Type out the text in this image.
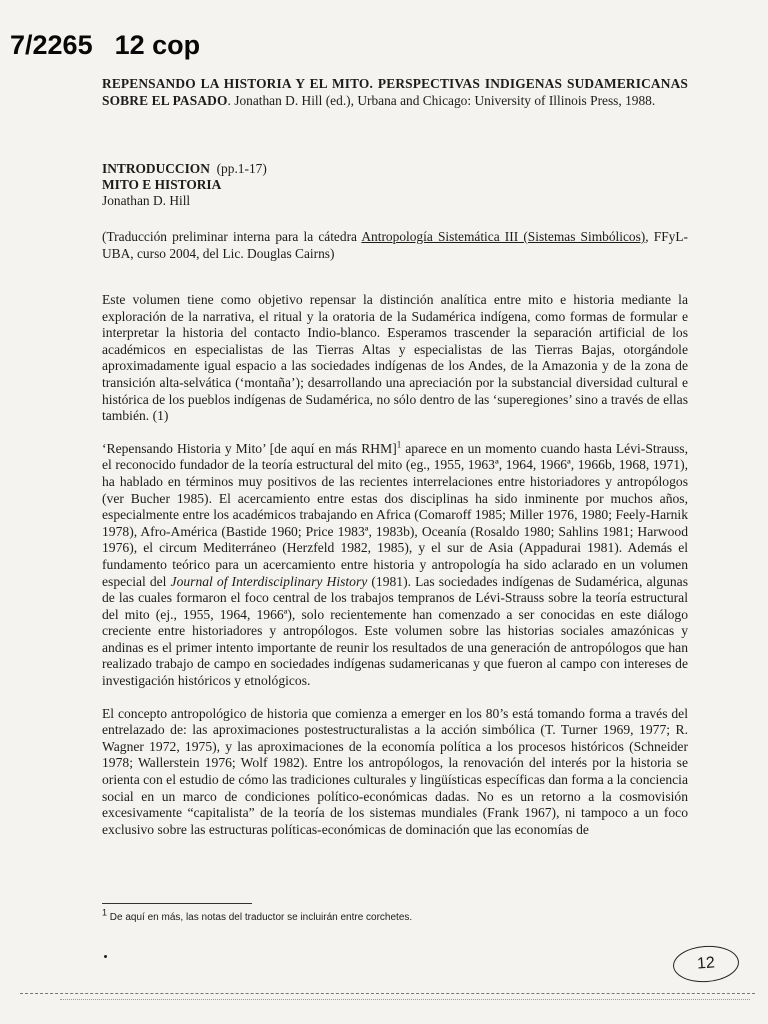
7/2265 12 cop
REPENSANDO LA HISTORIA Y EL MITO. PERSPECTIVAS INDIGENAS SUDAMERICANAS SOBRE EL PASADO. Jonathan D. Hill (ed.), Urbana and Chicago: University of Illinois Press, 1988.
INTRODUCCION (pp.1-17)
MITO E HISTORIA
Jonathan D. Hill
(Traducción preliminar interna para la cátedra Antropología Sistemática III (Sistemas Simbólicos), FFyL-UBA, curso 2004, del Lic. Douglas Cairns)

Este volumen tiene como objetivo repensar la distinción analítica entre mito e historia mediante la exploración de la narrativa, el ritual y la oratoria de la Sudamérica indígena, como formas de formular e interpretar la historia del contacto Indio-blanco. Esperamos trascender la separación artificial de los académicos en especialistas de las Tierras Altas y especialistas de las Tierras Bajas, otorgándole aproximadamente igual espacio a las sociedades indígenas de los Andes, de la Amazonia y de la zona de transición alta-selvática (‘montaña’); desarrollando una apreciación por la substancial diversidad cultural e histórica de los pueblos indígenas de Sudamérica, no sólo dentro de las ‘superegiones’ sino a través de ellas también. (1)

‘Repensando Historia y Mito’ [de aquí en más RHM]$^1$ aparece en un momento cuando hasta Lévi-Strauss, el reconocido fundador de la teoría estructural del mito (eg., 1955, 1963ª, 1964, 1966ª, 1966b, 1968, 1971), ha hablado en términos muy positivos de las recientes interrelaciones entre historiadores y antropólogos (ver Bucher 1985). El acercamiento entre estas dos disciplinas ha sido inminente por muchos años, especialmente entre los académicos trabajando en Africa (Comaroff 1985; Miller 1976, 1980; Feely-Harnik 1978), Afro-América (Bastide 1960; Price 1983ª, 1983b), Oceanía (Rosaldo 1980; Sahlins 1981; Harwood 1976), el circum Mediterráneo (Herzfeld 1982, 1985), y el sur de Asia (Appadurai 1981). Además el fundamento teórico para un acercamiento entre historia y antropología ha sido aclarado en un volumen especial del Journal of Interdisciplinary History (1981). Las sociedades indígenas de Sudamérica, algunas de las cuales formaron el foco central de los trabajos tempranos de Lévi-Strauss sobre la teoría estructural del mito (ej., 1955, 1964, 1966ª), solo recientemente han comenzado a ser conocidas en este diálogo creciente entre historiadores y antropólogos. Este volumen sobre las historias sociales amazónicas y andinas es el primer intento importante de reunir los resultados de una generación de antropólogos que han realizado trabajo de campo en sociedades indígenas sudamericanas y que fueron al campo con intereses de investigación históricos y etnológicos.

El concepto antropológico de historia que comienza a emerger en los 80’s está tomando forma a través del entrelazado de: las aproximaciones postestructuralistas a la acción simbólica (T. Turner 1969, 1977; R. Wagner 1972, 1975), y las aproximaciones de la economía política a los procesos históricos (Schneider 1978; Wallerstein 1976; Wolf 1982). Entre los antropólogos, la renovación del interés por la historia se orienta con el estudio de cómo las tradiciones culturales y lingüísticas específicas dan forma a la conciencia social en un marco de condiciones político-económicas dadas. No es un retorno a la cosmovisión excesivamente “capitalista” de la teoría de los sistemas mundiales (Frank 1967), ni tampoco a un foco exclusivo sobre las estructuras políticas-económicas de dominación que las economías de

$^1$ De aquí en más, las notas del traductor se incluirán entre corchetes.
12
